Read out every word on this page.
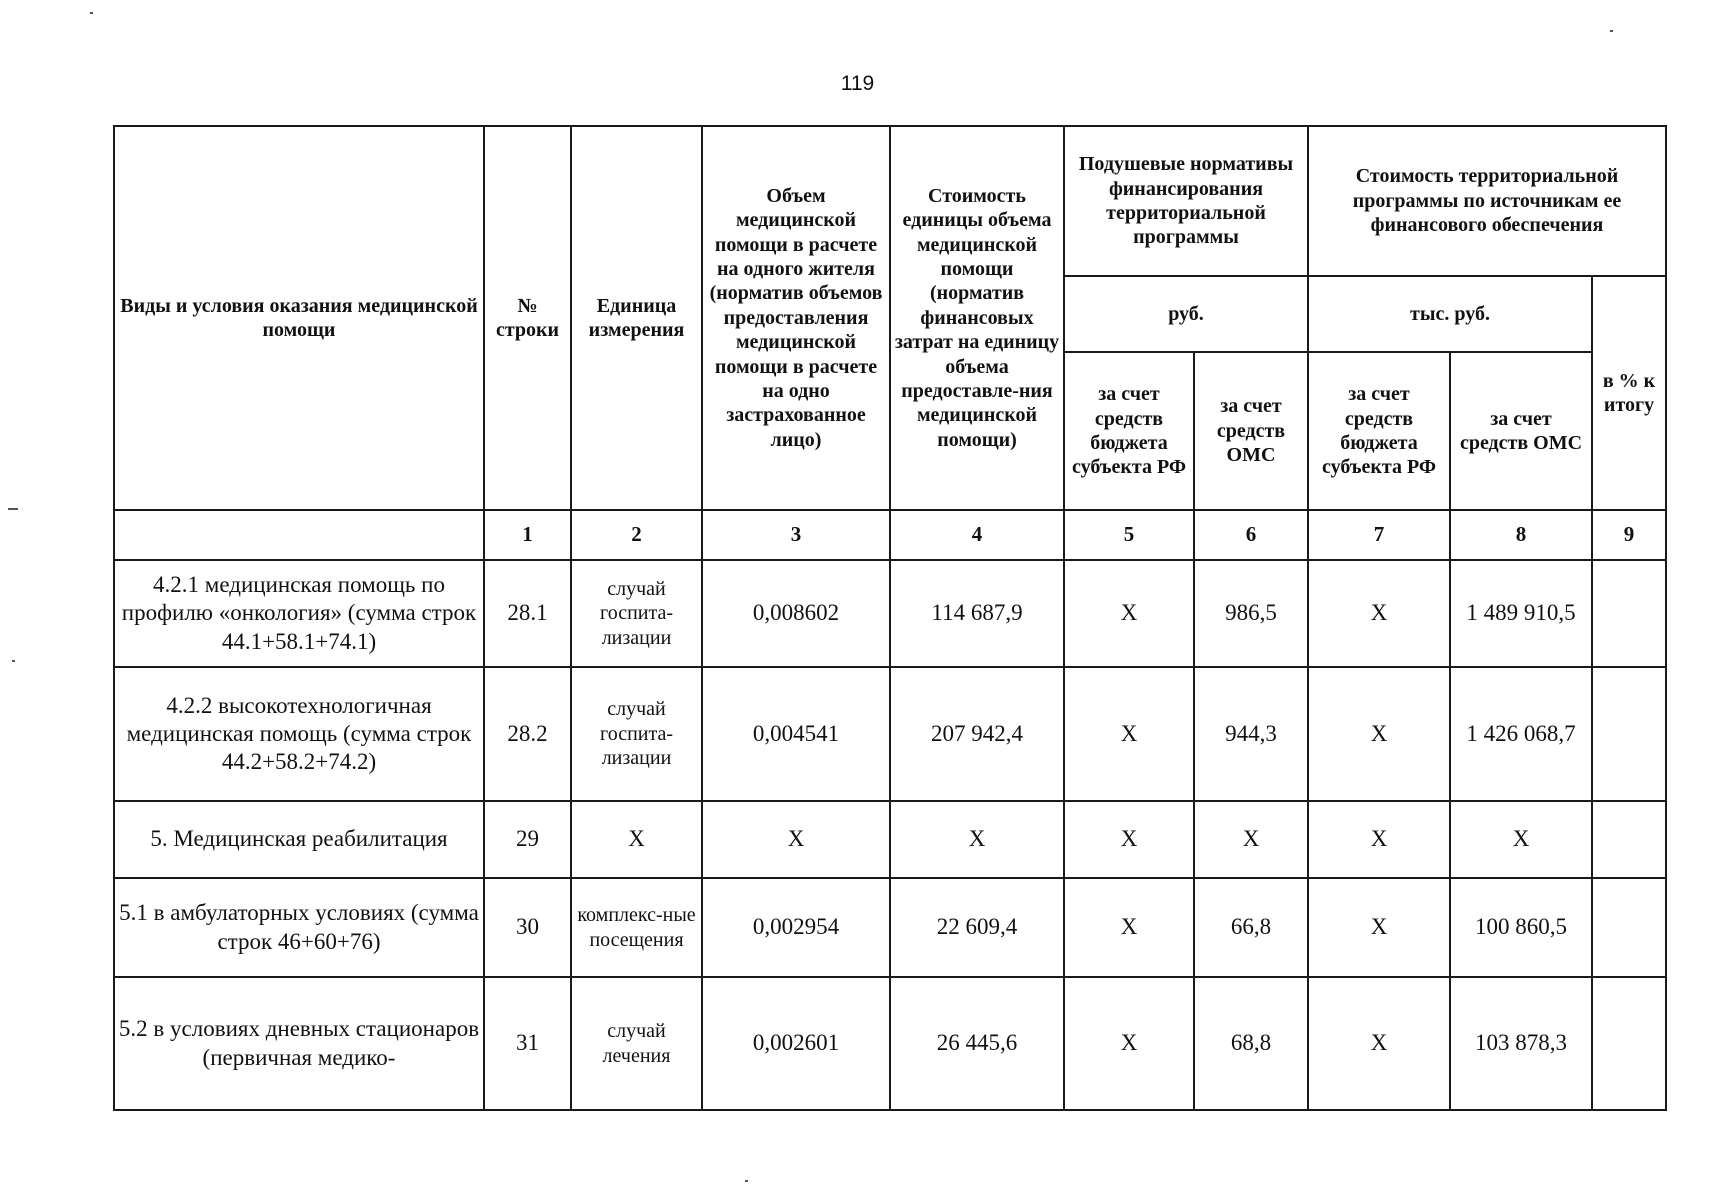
119
Виды и условия оказания медицинской помощи	№ строки	Единица измерения	Объем медицинской помощи в расчете на одного жителя (норматив объемов предоставления медицинской помощи в расчете на одно застрахованное лицо)	Стоимость единицы объема медицинской помощи (норматив финансовых затрат на единицу объема предоставле-ния медицинской помощи)	Подушевые нормативы финансирования территориальной программы		Стоимость территориальной программы по источникам ее финансового обеспечения		
					руб.		тыс. руб.		в % к итогу
					за счет средств бюджета субъекта РФ	за счет средств ОМС	за счет средств бюджета субъекта РФ	за счет средств ОМС	
	1	2	3	4	5	6	7	8	9
4.2.1 медицинская помощь по профилю «онкология» (сумма строк 44.1+58.1+74.1)	28.1	случай госпита-лизации	0,008602	114 687,9	X	986,5	X	1 489 910,5	
4.2.2 высокотехнологичная медицинская помощь (сумма строк 44.2+58.2+74.2)	28.2	случай госпита-лизации	0,004541	207 942,4	X	944,3	X	1 426 068,7	
5. Медицинская реабилитация	29	X	X	X	X	X	X	X	
5.1 в амбулаторных условиях (сумма строк 46+60+76)	30	комплекс-ные посещения	0,002954	22 609,4	X	66,8	X	100 860,5	
5.2 в условиях дневных стационаров (первичная медико-	31	случай лечения	0,002601	26 445,6	X	68,8	X	103 878,3	
